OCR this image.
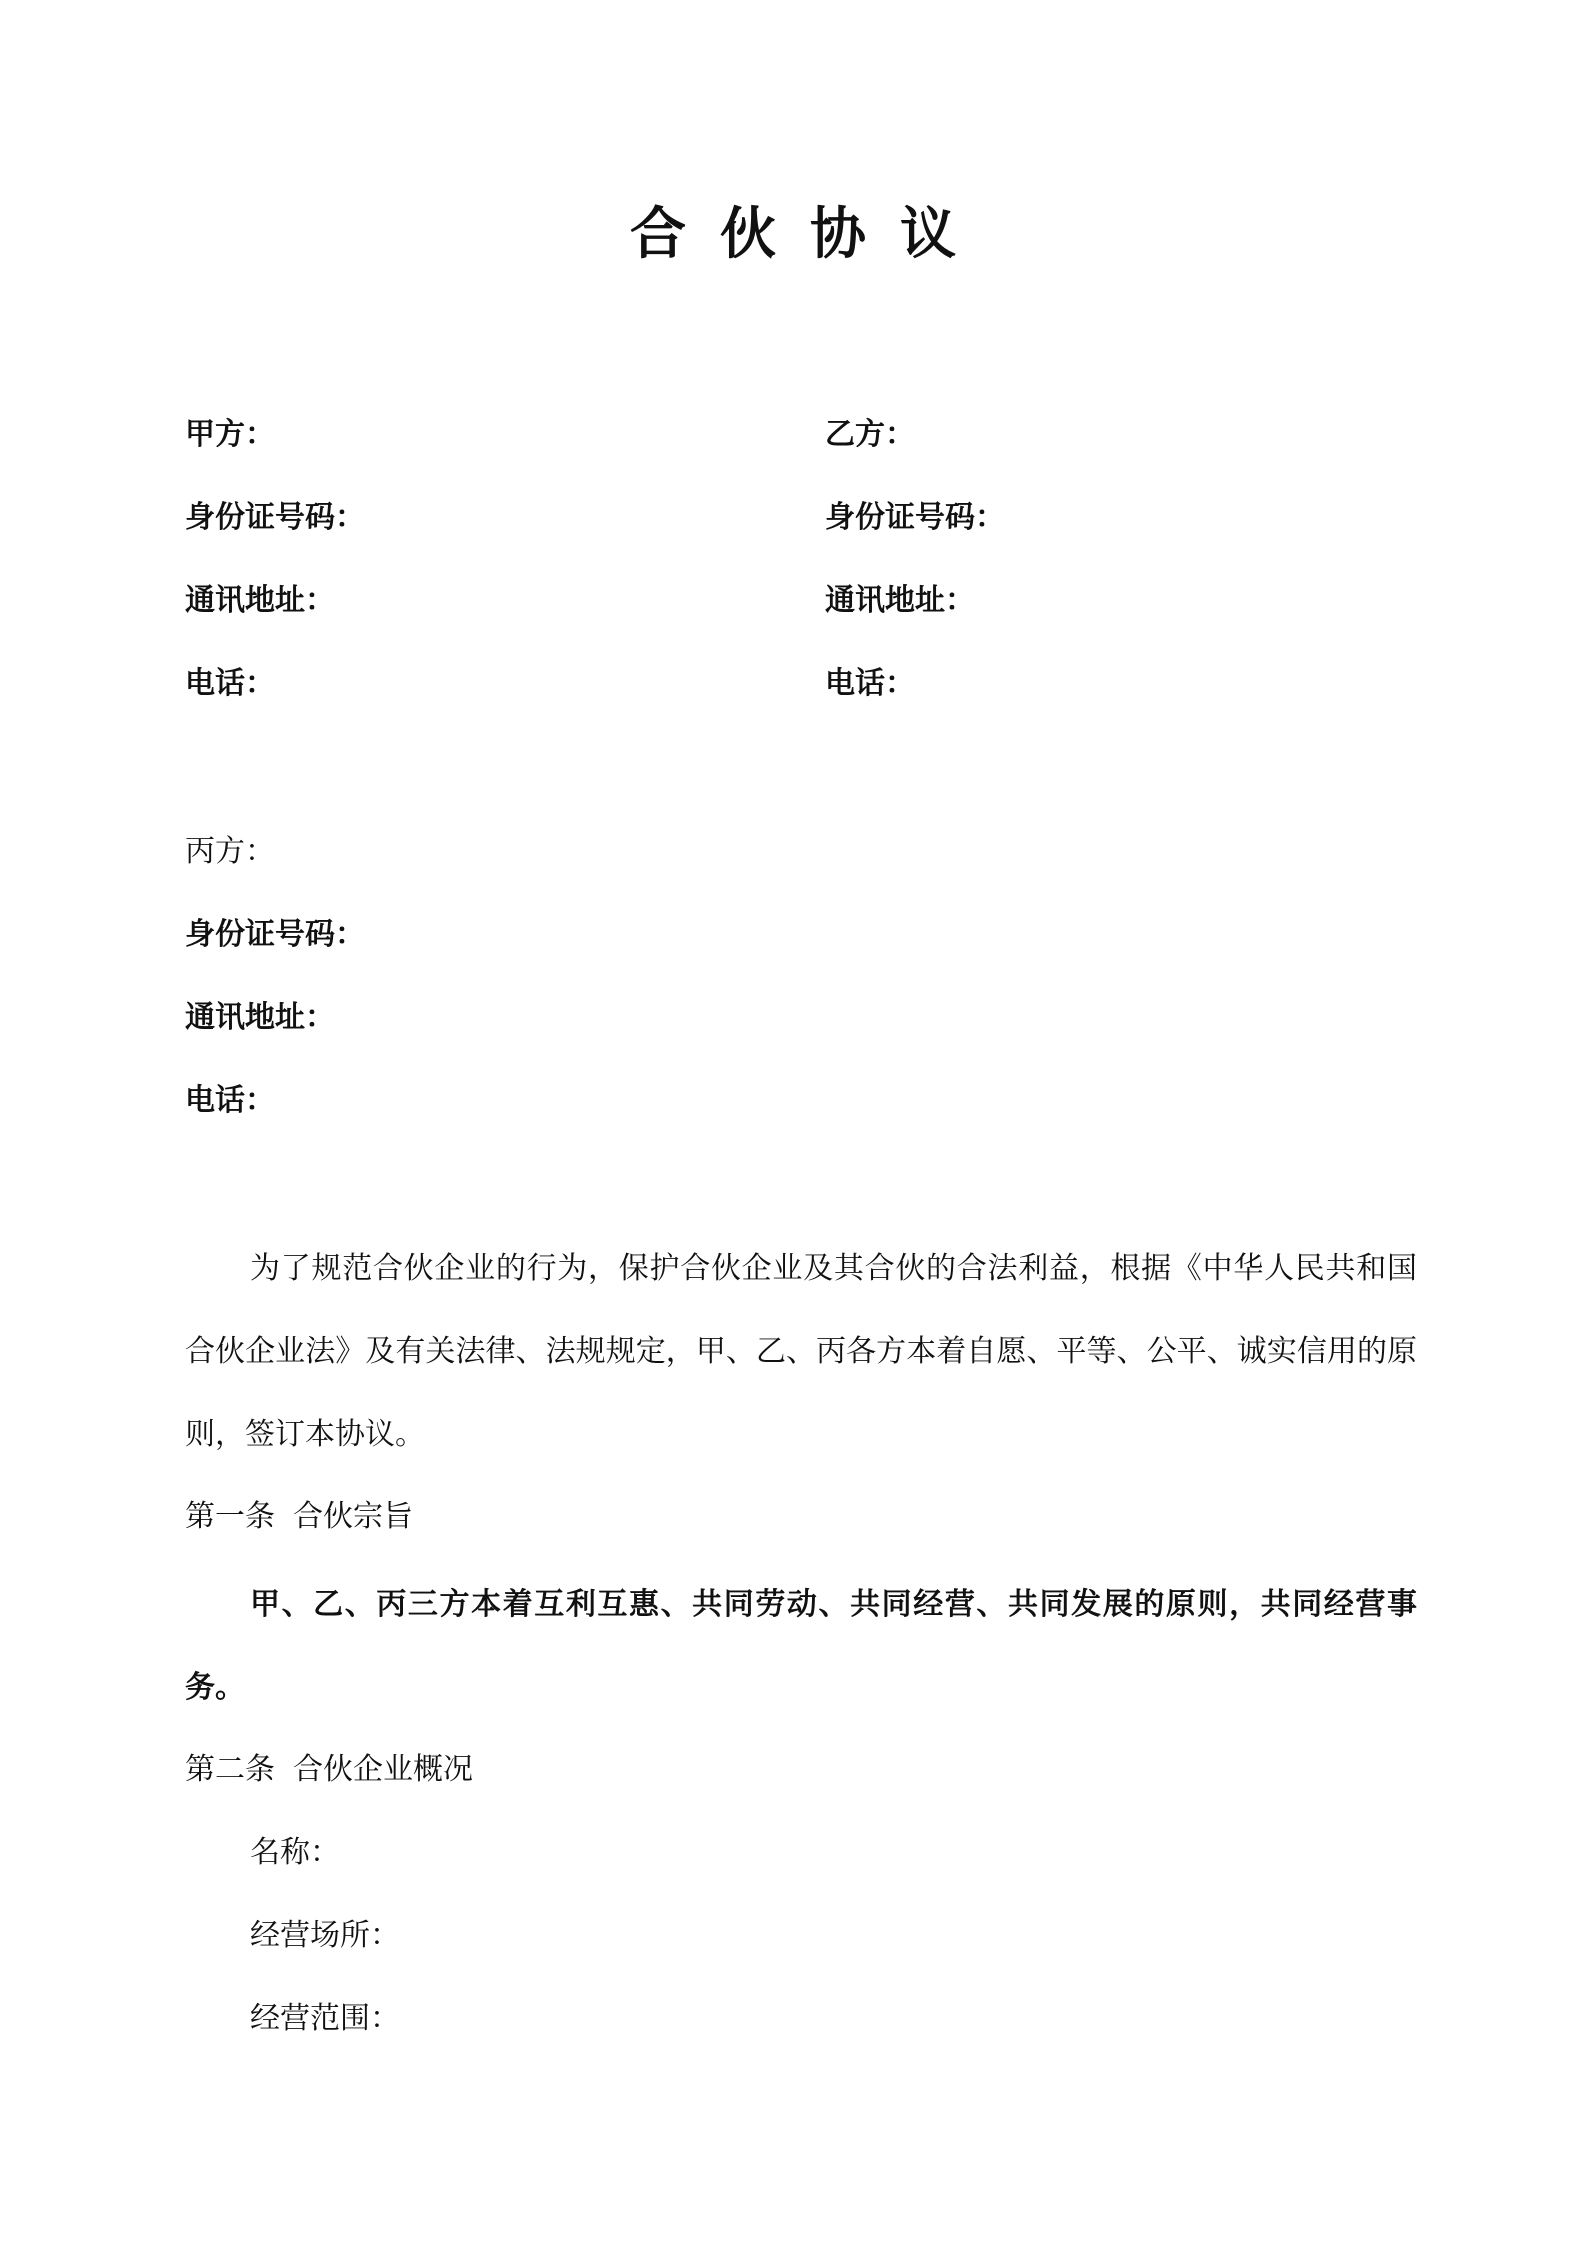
合伙协议
甲方：
身份证号码：
通讯地址：
电话：
乙方：
身份证号码：
通讯地址：
电话：
丙方：
身份证号码：
通讯地址：
电话：
为了规范合伙企业的行为，保护合伙企业及其合伙的合法利益，根据《中华人民共和国合伙企业法》及有关法律、法规规定，甲、乙、丙各方本着自愿、平等、公平、诚实信用的原则，签订本协议。
第一条 合伙宗旨
甲、乙、丙三方本着互利互惠、共同劳动、共同经营、共同发展的原则，共同经营事务。
第二条 合伙企业概况
名称：
经营场所：
经营范围：
